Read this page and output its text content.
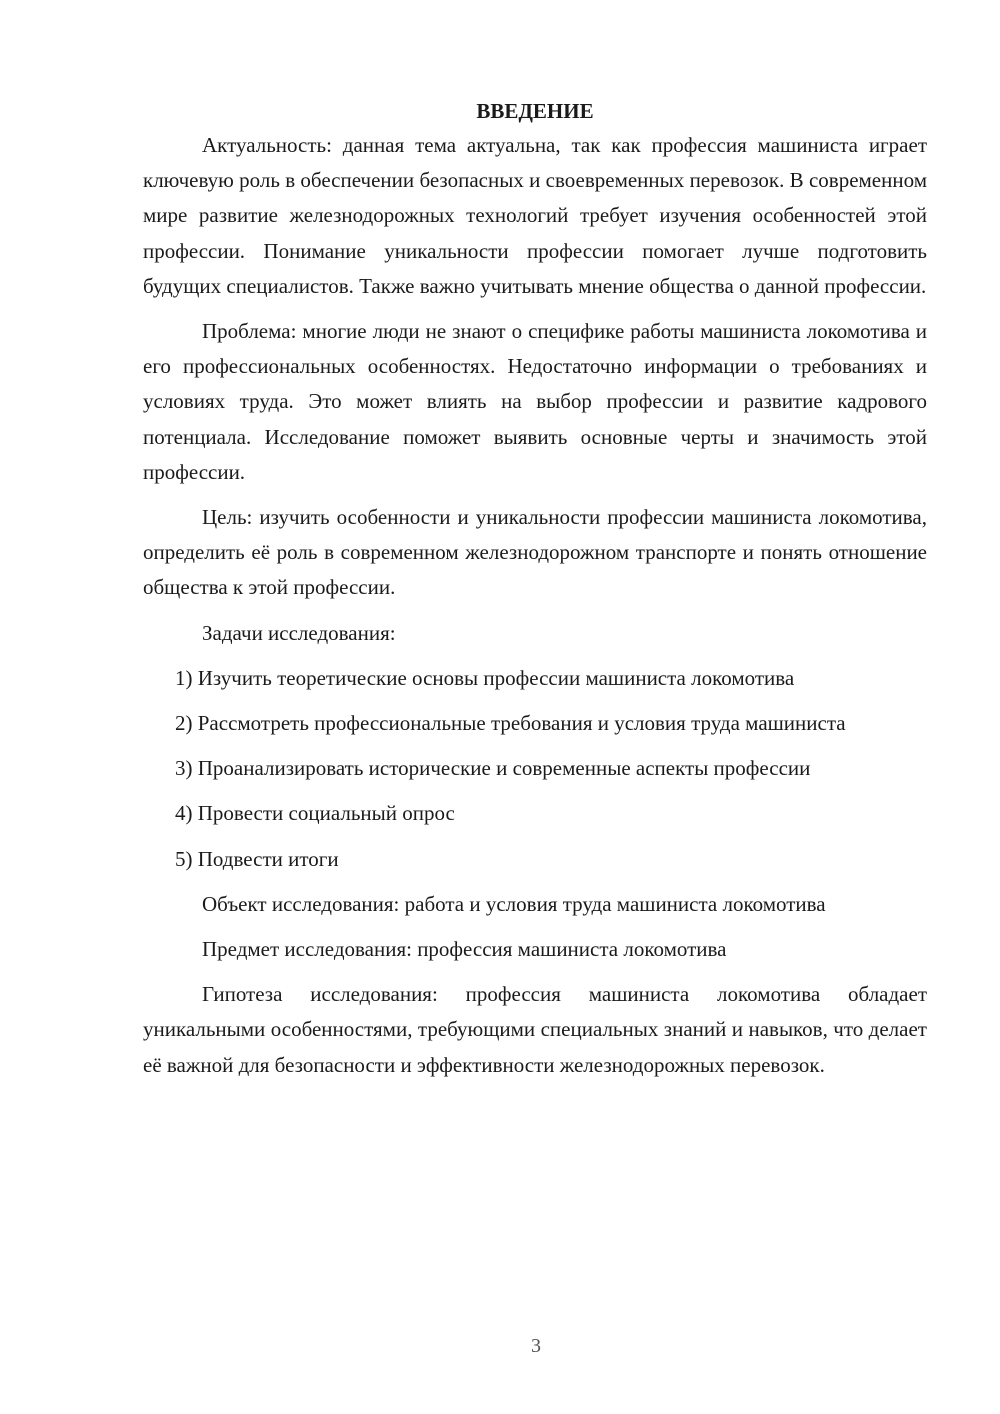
ВВЕДЕНИЕ

Актуальность: данная тема актуальна, так как профессия машиниста играет ключевую роль в обеспечении безопасных и своевременных перевозок. В современном мире развитие железнодорожных технологий требует изучения особенностей этой профессии. Понимание уникальности профессии помогает лучше подготовить будущих специалистов. Также важно учитывать мнение общества о данной профессии.

Проблема: многие люди не знают о специфике работы машиниста локомотива и его профессиональных особенностях. Недостаточно информации о требованиях и условиях труда. Это может влиять на выбор профессии и развитие кадрового потенциала. Исследование поможет выявить основные черты и значимость этой профессии.

Цель: изучить особенности и уникальности профессии машиниста локомотива, определить её роль в современном железнодорожном транспорте и понять отношение общества к этой профессии.

Задачи исследования:

1) Изучить теоретические основы профессии машиниста локомотива

2) Рассмотреть профессиональные требования и условия труда машиниста

3) Проанализировать исторические и современные аспекты профессии

4) Провести социальный опрос

5) Подвести итоги

Объект исследования: работа и условия труда машиниста локомотива

Предмет исследования: профессия машиниста локомотива

Гипотеза исследования: профессия машиниста локомотива обладает уникальными особенностями, требующими специальных знаний и навыков, что делает её важной для безопасности и эффективности железнодорожных перевозок.

3
